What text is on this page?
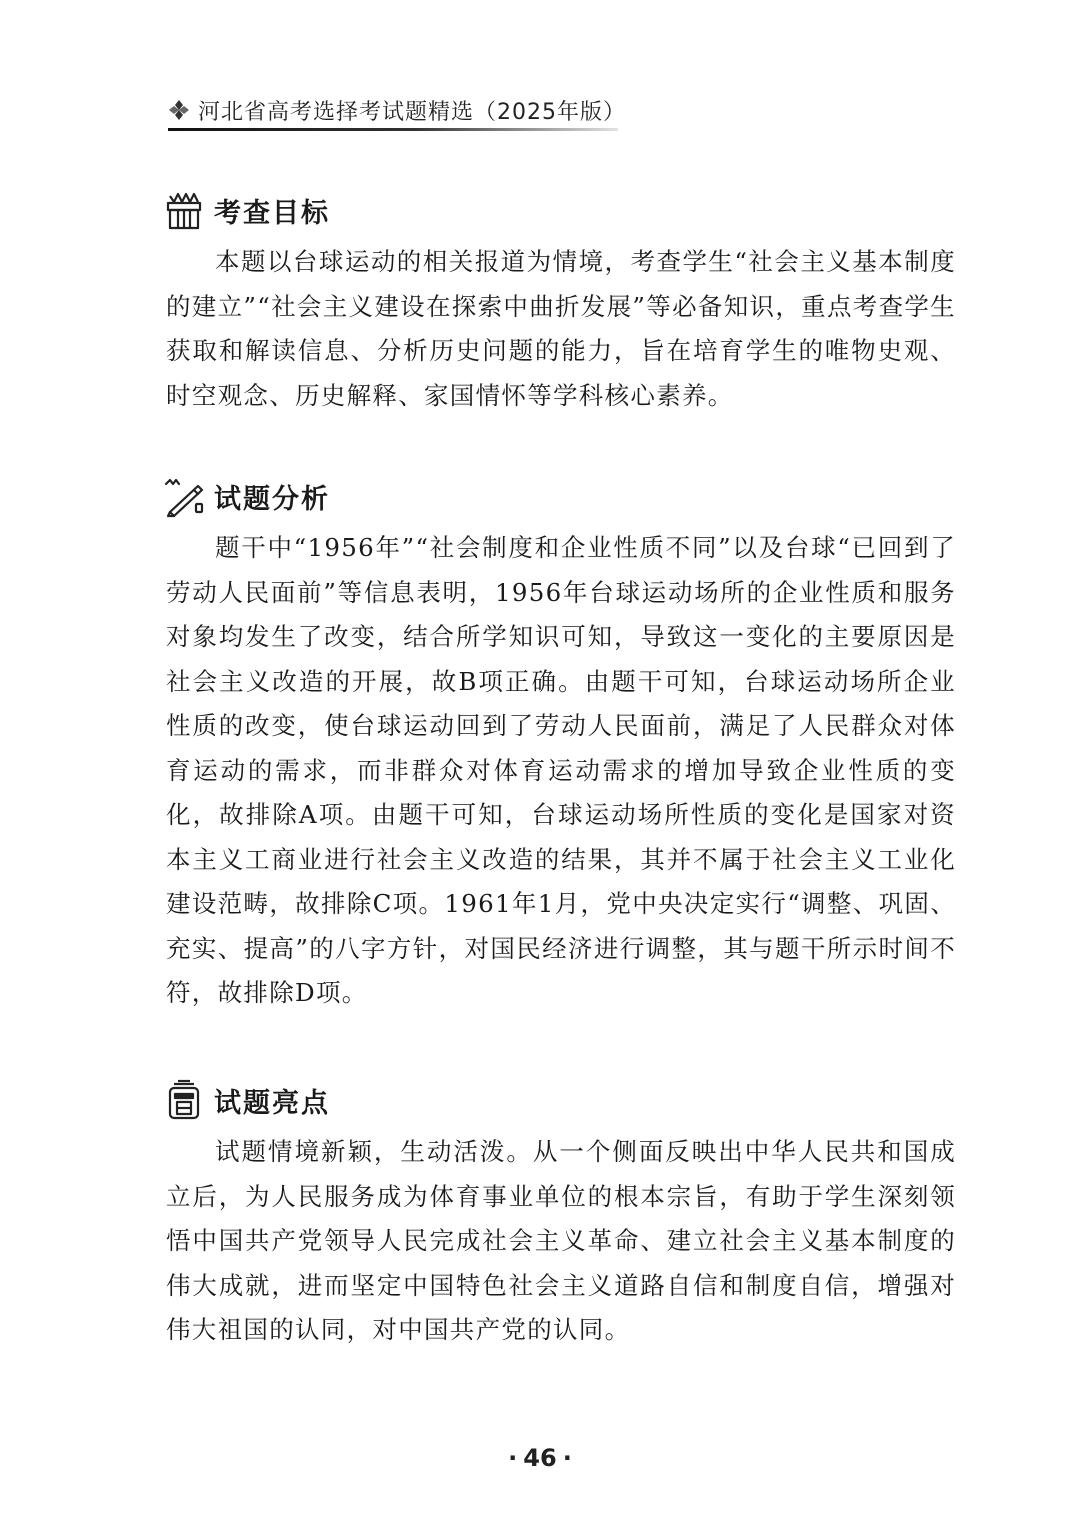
河北省高考选择考试题精选（2025年版）
考查目标

本题以台球运动的相关报道为情境，考查学生“社会主义基本制度的建立”“社会主义建设在探索中曲折发展”等必备知识，重点考查学生获取和解读信息、分析历史问题的能力，旨在培育学生的唯物史观、时空观念、历史解释、家国情怀等学科核心素养。

试题分析

题干中“1956年”“社会制度和企业性质不同”以及台球“已回到了劳动人民面前”等信息表明，1956年台球运动场所的企业性质和服务对象均发生了改变，结合所学知识可知，导致这一变化的主要原因是社会主义改造的开展，故B项正确。由题干可知，台球运动场所企业性质的改变，使台球运动回到了劳动人民面前，满足了人民群众对体育运动的需求，而非群众对体育运动需求的增加导致企业性质的变化，故排除A项。由题干可知，台球运动场所性质的变化是国家对资本主义工商业进行社会主义改造的结果，其并不属于社会主义工业化建设范畴，故排除C项。1961年1月，党中央决定实行“调整、巩固、充实、提高”的八字方针，对国民经济进行调整，其与题干所示时间不符，故排除D项。

试题亮点

试题情境新颖，生动活泼。从一个侧面反映出中华人民共和国成立后，为人民服务成为体育事业单位的根本宗旨，有助于学生深刻领悟中国共产党领导人民完成社会主义革命、建立社会主义基本制度的伟大成就，进而坚定中国特色社会主义道路自信和制度自信，增强对伟大祖国的认同，对中国共产党的认同。

· 46 ·
